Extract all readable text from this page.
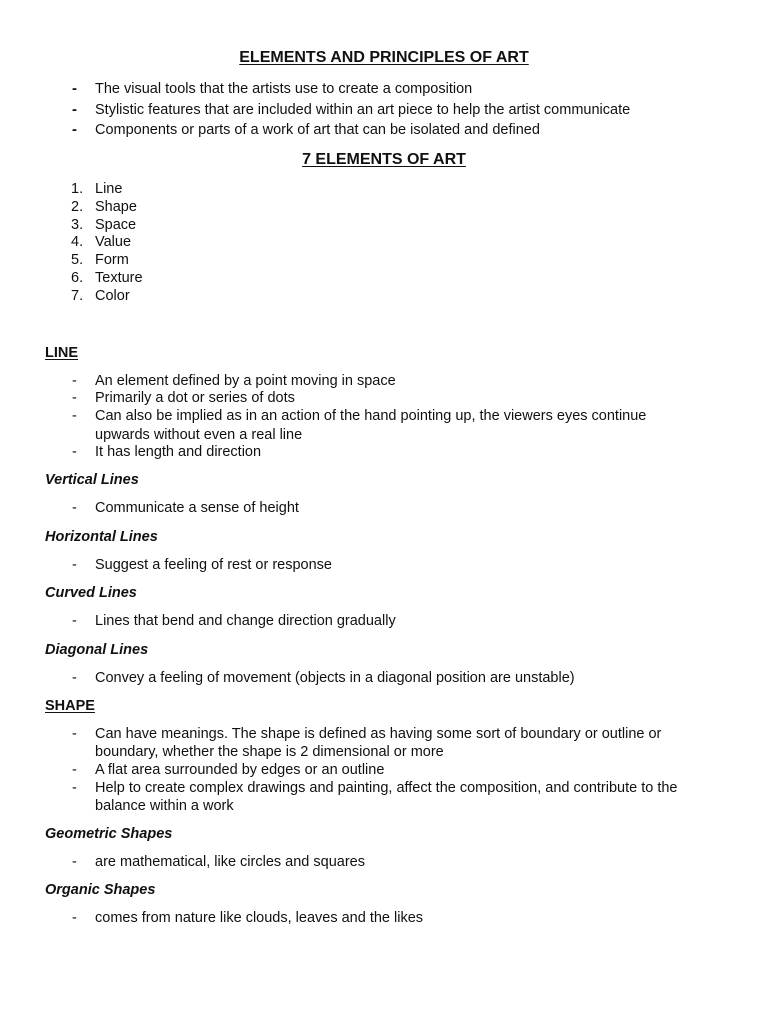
ELEMENTS AND PRINCIPLES OF ART
- The visual tools that the artists use to create a composition
- Stylistic features that are included within an art piece to help the artist communicate
- Components or parts of a work of art that can be isolated and defined
7 ELEMENTS OF ART
1. Line
2. Shape
3. Space
4. Value
5. Form
6. Texture
7. Color
LINE
- An element defined by a point moving in space
- Primarily a dot or series of dots
- Can also be implied as in an action of the hand pointing up, the viewers eyes continue
upwards without even a real line
- It has length and direction
Vertical Lines
- Communicate a sense of height
Horizontal Lines
- Suggest a feeling of rest or response
Curved Lines
- Lines that bend and change direction gradually
Diagonal Lines
- Convey a feeling of movement (objects in a diagonal position are unstable)
SHAPE
- Can have meanings. The shape is defined as having some sort of boundary or outline or
boundary, whether the shape is 2 dimensional or more
- A flat area surrounded by edges or an outline
- Help to create complex drawings and painting, affect the composition, and contribute to the
balance within a work
Geometric Shapes
- are mathematical, like circles and squares
Organic Shapes
- comes from nature like clouds, leaves and the likes
